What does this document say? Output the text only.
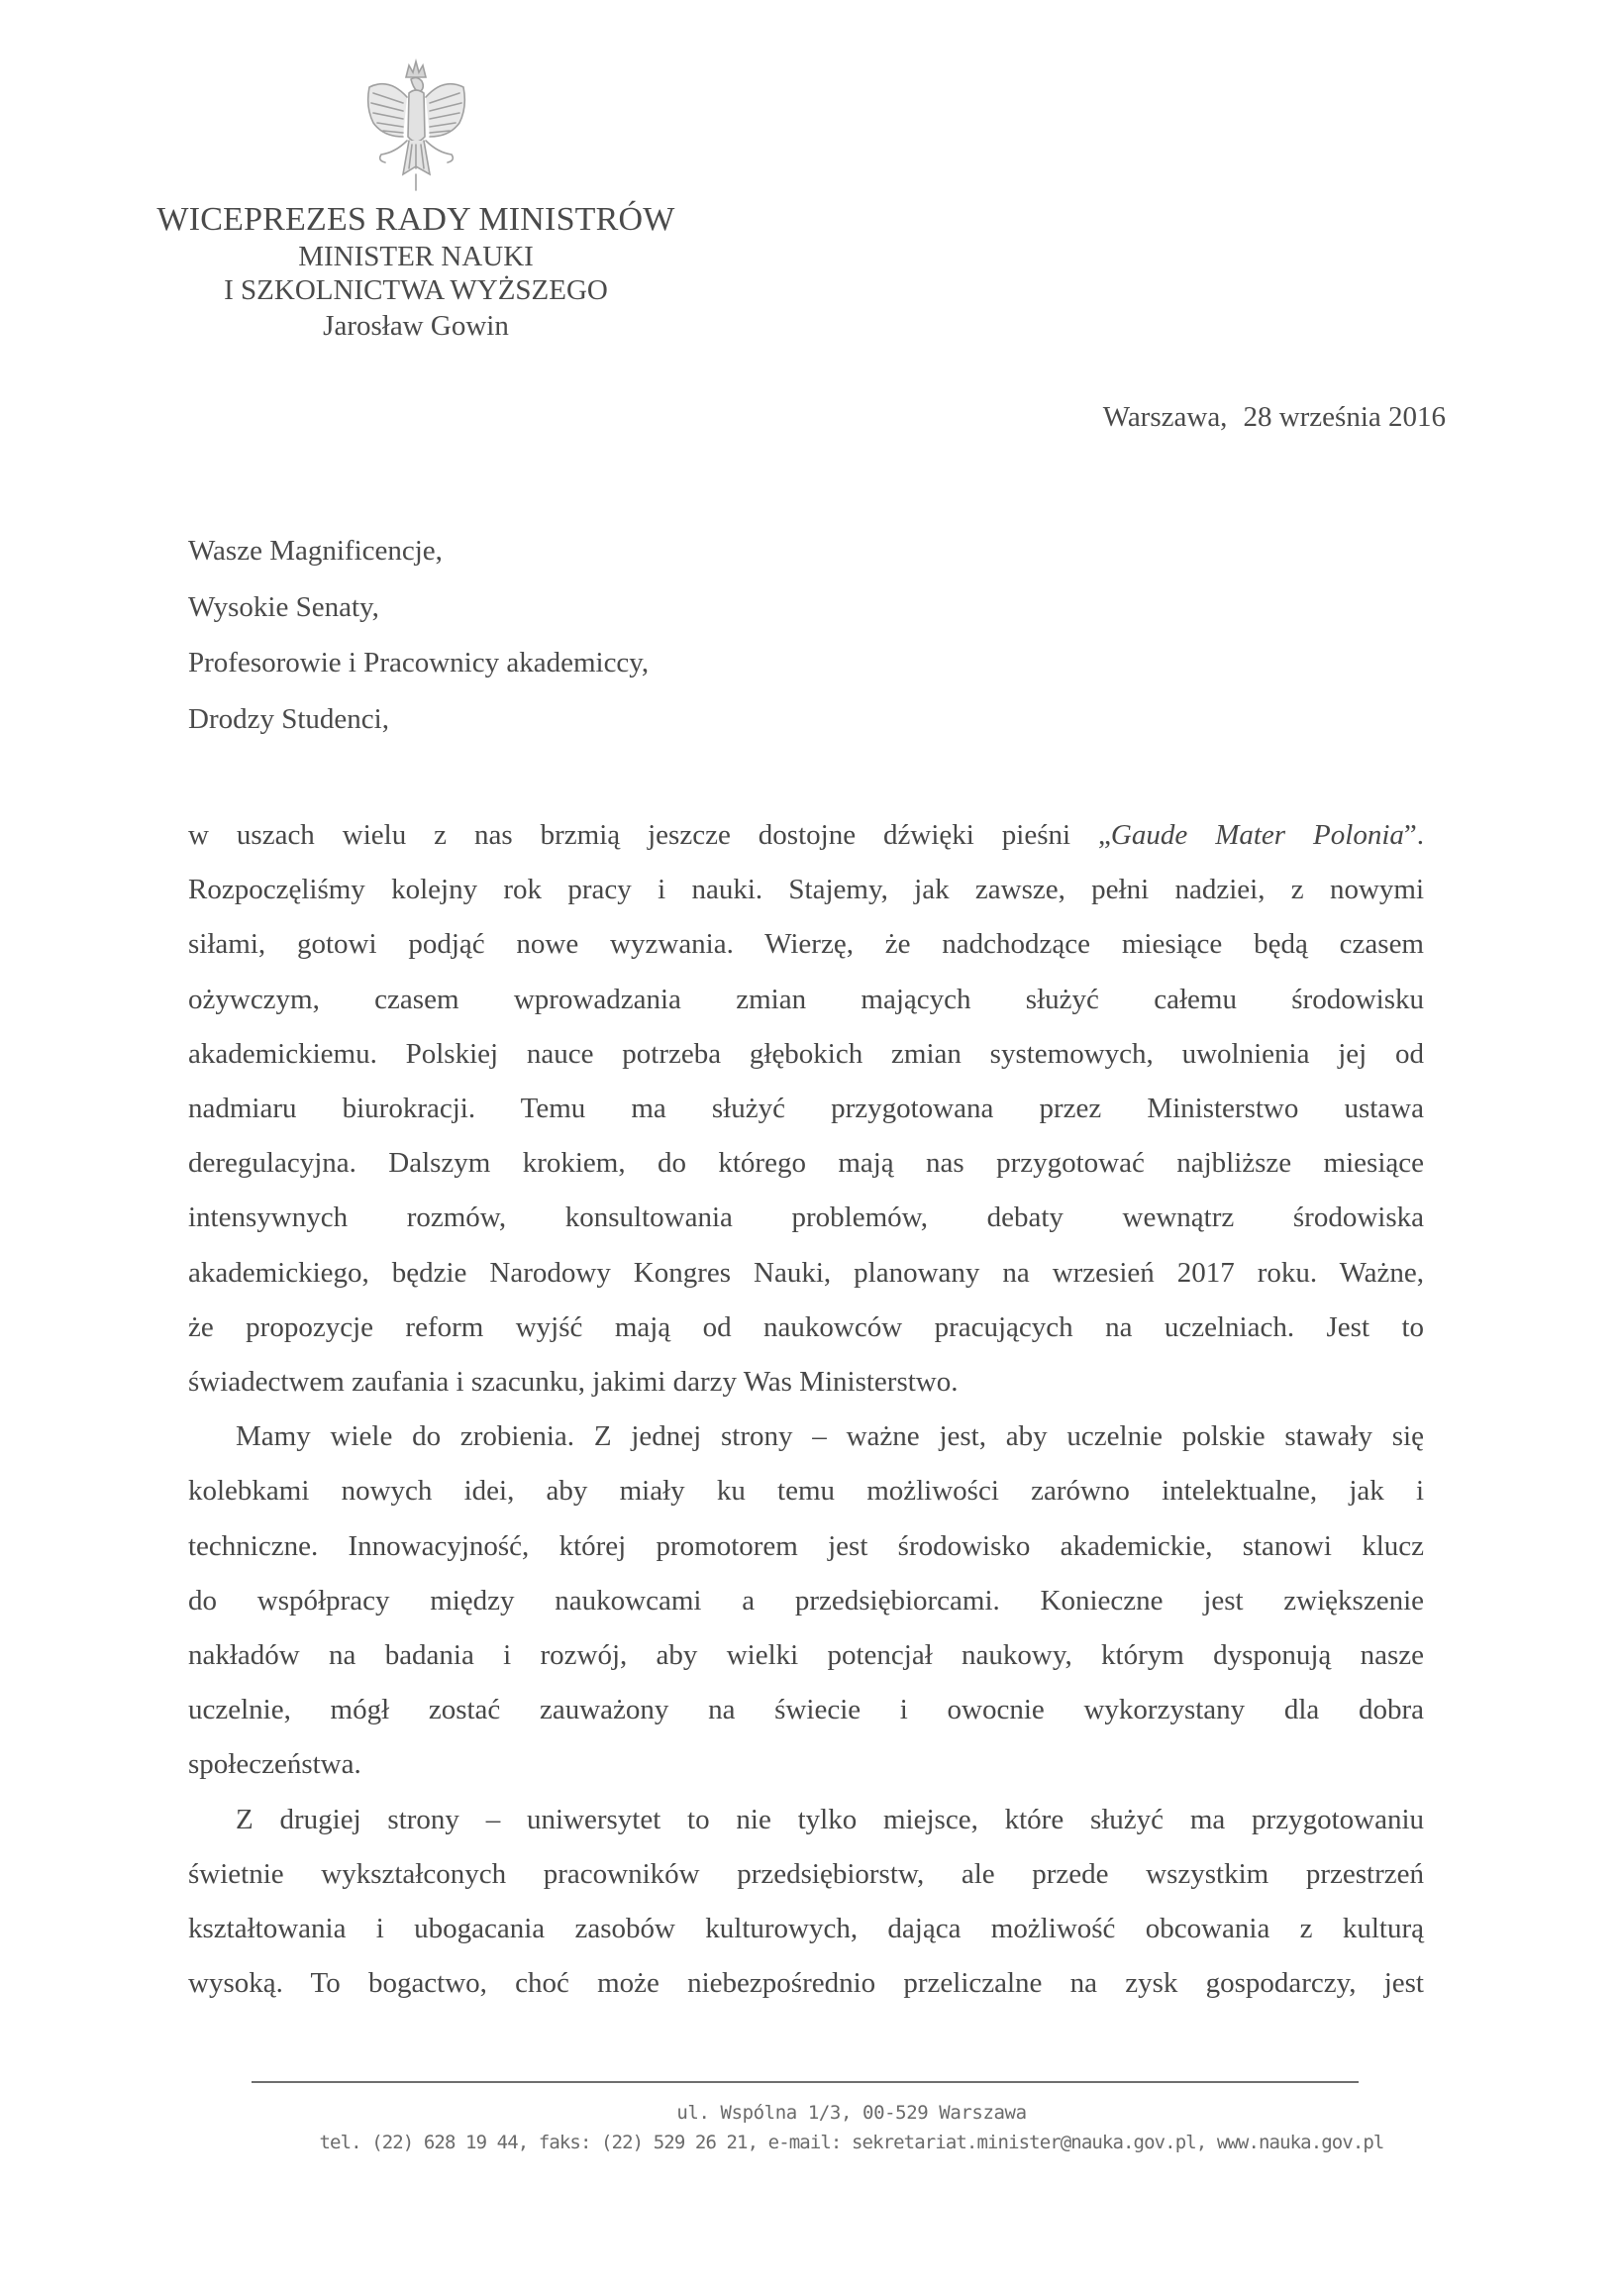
WICEPREZES RADY MINISTRÓW
MINISTER NAUKI
I SZKOLNICTWA WYŻSZEGO
Jarosław Gowin
Warszawa, 28 września 2016
Wasze Magnificencje,
Wysokie Senaty,
Profesorowie i Pracownicy akademiccy,
Drodzy Studenci,

w uszach wielu z nas brzmią jeszcze dostojne dźwięki pieśni „Gaude Mater Polonia”.
Rozpoczęliśmy kolejny rok pracy i nauki. Stajemy, jak zawsze, pełni nadziei, z nowymi
siłami, gotowi podjąć nowe wyzwania. Wierzę, że nadchodzące miesiące będą czasem
ożywczym, czasem wprowadzania zmian mających służyć całemu środowisku
akademickiemu. Polskiej nauce potrzeba głębokich zmian systemowych, uwolnienia jej od
nadmiaru biurokracji. Temu ma służyć przygotowana przez Ministerstwo ustawa
deregulacyjna. Dalszym krokiem, do którego mają nas przygotować najbliższe miesiące
intensywnych rozmów, konsultowania problemów, debaty wewnątrz środowiska
akademickiego, będzie Narodowy Kongres Nauki, planowany na wrzesień 2017 roku. Ważne,
że propozycje reform wyjść mają od naukowców pracujących na uczelniach. Jest to
świadectwem zaufania i szacunku, jakimi darzy Was Ministerstwo.

Mamy wiele do zrobienia. Z jednej strony – ważne jest, aby uczelnie polskie stawały się
kolebkami nowych idei, aby miały ku temu możliwości zarówno intelektualne, jak i
techniczne. Innowacyjność, której promotorem jest środowisko akademickie, stanowi klucz
do współpracy między naukowcami a przedsiębiorcami. Konieczne jest zwiększenie
nakładów na badania i rozwój, aby wielki potencjał naukowy, którym dysponują nasze
uczelnie, mógł zostać zauważony na świecie i owocnie wykorzystany dla dobra
społeczeństwa.

Z drugiej strony – uniwersytet to nie tylko miejsce, które służyć ma przygotowaniu
świetnie wykształconych pracowników przedsiębiorstw, ale przede wszystkim przestrzeń
kształtowania i ubogacania zasobów kulturowych, dająca możliwość obcowania z kulturą
wysoką. To bogactwo, choć może niebezpośrednio przeliczalne na zysk gospodarczy, jest

ul. Wspólna 1/3, 00-529 Warszawa
tel. (22) 628 19 44, faks: (22) 529 26 21, e-mail: sekretariat.minister@nauka.gov.pl, www.nauka.gov.pl
